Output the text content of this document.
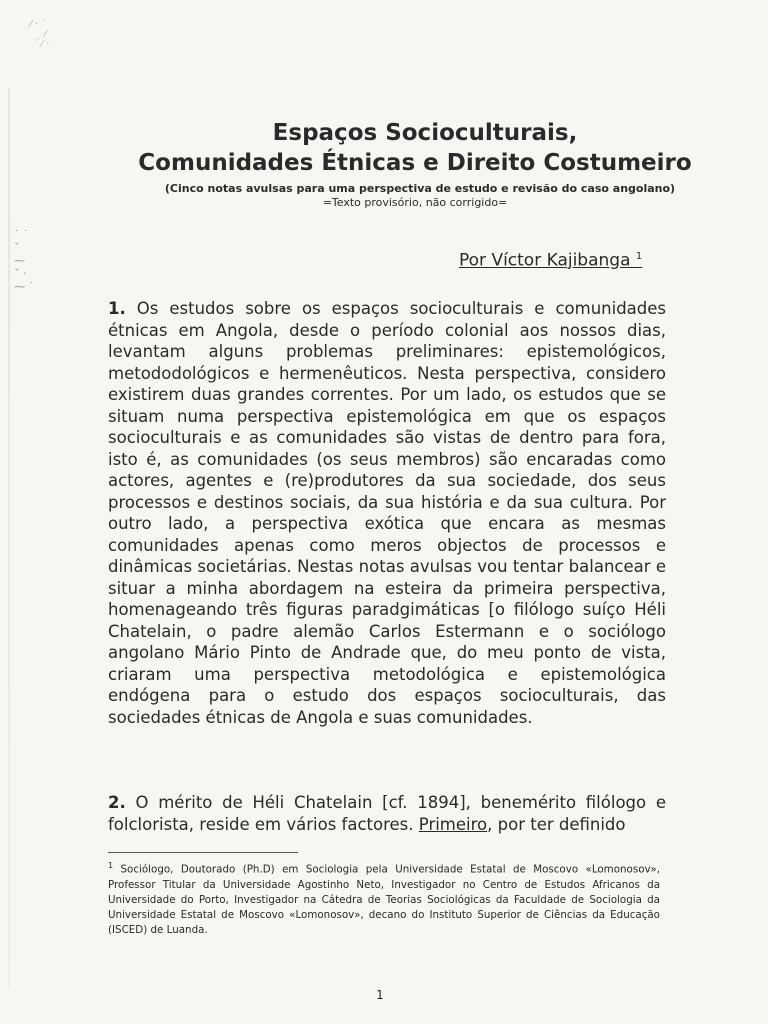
⁄ · ˙
ˎ ⁄
˙ ⁄ ·
˙ ˙
ˇ
⁓
ˇ ·
⁓ ˙
Espaços Socioculturais,
Comunidades Étnicas e Direito Costumeiro
(Cinco notas avulsas para uma perspectiva de estudo e revisão do caso angolano)
=Texto provisório, não corrigido=
Por Víctor Kajibanga $^1$
1. Os estudos sobre os espaços socioculturais e comunidades étnicas em Angola, desde o período colonial aos nossos dias, levantam alguns problemas preliminares: epistemológicos, metododológicos e hermenêuticos. Nesta perspectiva, considero existirem duas grandes correntes. Por um lado, os estudos que se situam numa perspectiva epistemológica em que os espaços socioculturais e as comunidades são vistas de dentro para fora, isto é, as comunidades (os seus membros) são encaradas como actores, agentes e (re)produtores da sua sociedade, dos seus processos e destinos sociais, da sua história e da sua cultura. Por outro lado, a perspectiva exótica que encara as mesmas comunidades apenas como meros objectos de processos e dinâmicas societárias. Nestas notas avulsas vou tentar balancear e situar a minha abordagem na esteira da primeira perspectiva, homenageando três figuras paradgimáticas [o filólogo suíço Héli Chatelain, o padre alemão Carlos Estermann e o sociólogo angolano Mário Pinto de Andrade que, do meu ponto de vista, criaram uma perspectiva metodológica e epistemológica endógena para o estudo dos espaços socioculturais, das sociedades étnicas de Angola e suas comunidades.
2. O mérito de Héli Chatelain [cf. 1894], benemérito filólogo e folclorista, reside em vários factores. Primeiro, por ter definido
$^1$ Sociólogo, Doutorado (Ph.D) em Sociologia pela Universidade Estatal de Moscovo «Lomonosov», Professor Titular da Universidade Agostinho Neto, Investigador no Centro de Estudos Africanos da Universidade do Porto, Investigador na Cátedra de Teorias Sociológicas da Faculdade de Sociologia da Universidade Estatal de Moscovo «Lomonosov», decano do Instituto Superior de Ciências da Educação (ISCED) de Luanda.
1
